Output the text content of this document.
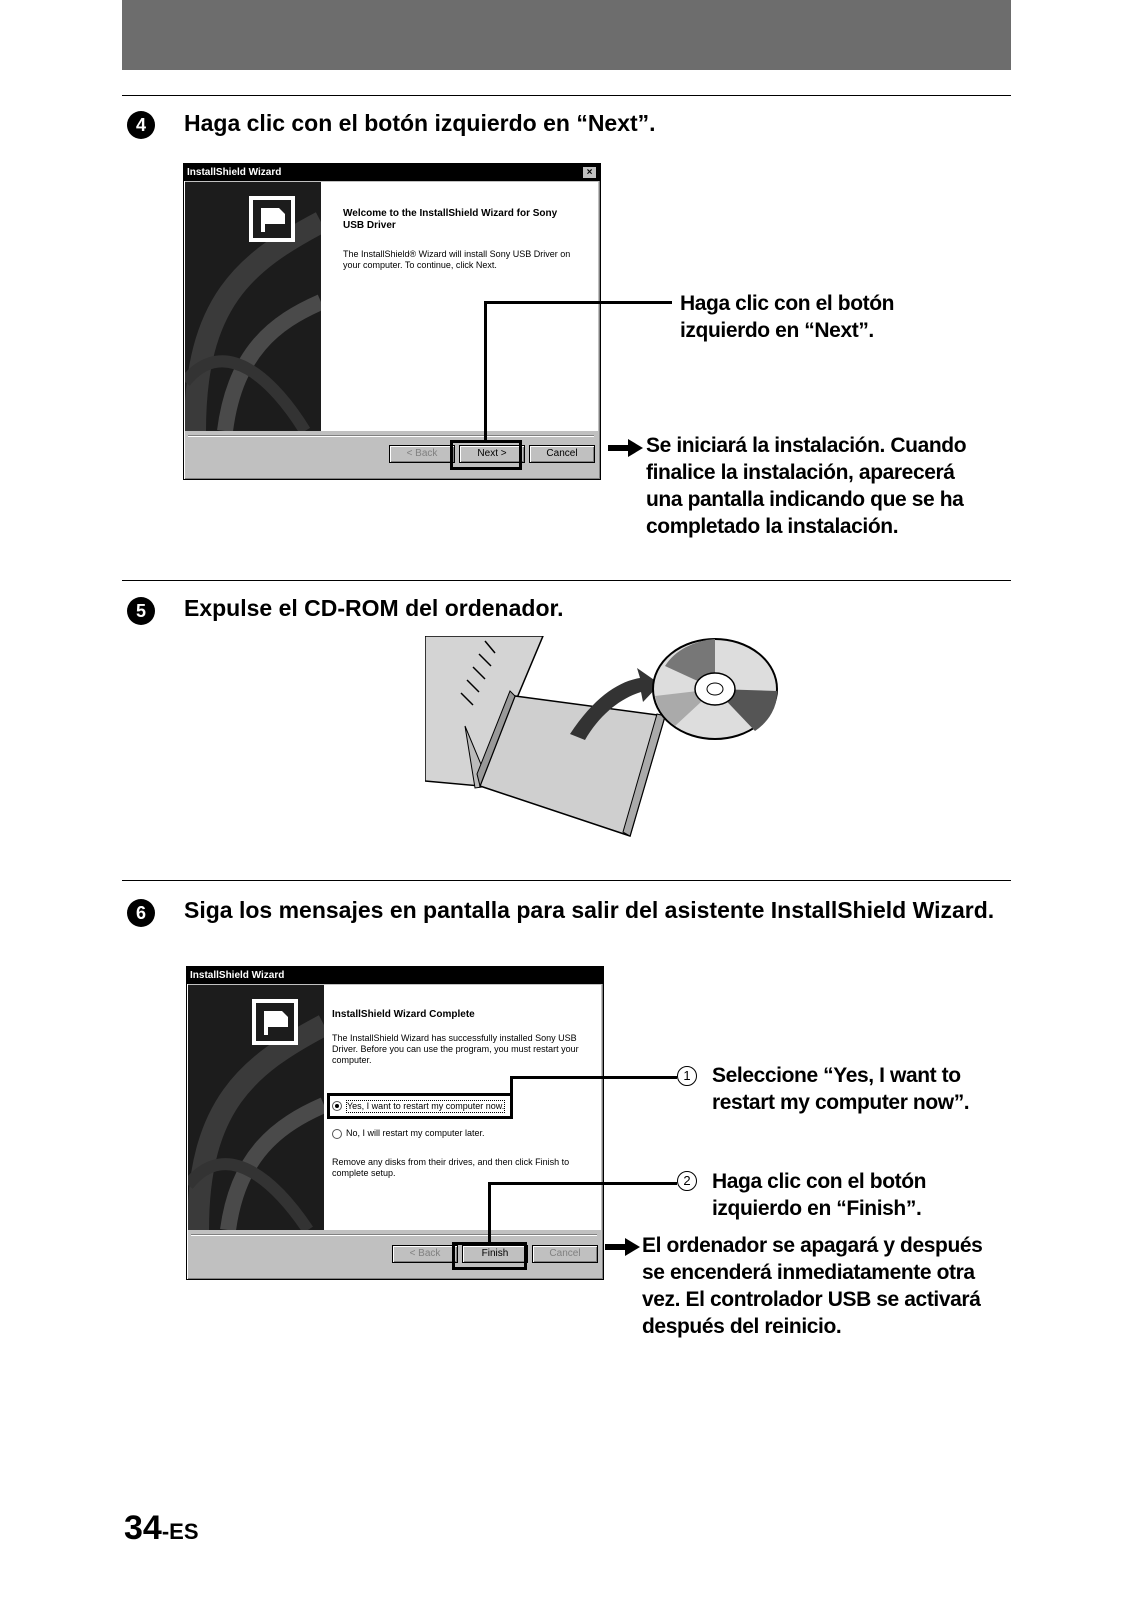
4	Haga clic con el botón izquierdo en “Next”.
InstallShield Wizard	×
Welcome to the InstallShield Wizard for Sony USB Driver
The InstallShield® Wizard will install Sony USB Driver on your computer. To continue, click Next.
< Back	Next >	Cancel
Haga clic con el botón izquierdo en “Next”.
Se iniciará la instalación. Cuando finalice la instalación, aparecerá una pantalla indicando que se ha completado la instalación.
5	Expulse el CD-ROM del ordenador.
6	Siga los mensajes en pantalla para salir del asistente InstallShield Wizard.
InstallShield Wizard
InstallShield Wizard Complete
The InstallShield Wizard has successfully installed Sony USB Driver. Before you can use the program, you must restart your computer.
Yes, I want to restart my computer now.
No, I will restart my computer later.
Remove any disks from their drives, and then click Finish to complete setup.
< Back	Finish	Cancel
1	Seleccione “Yes, I want to restart my computer now”.
2	Haga clic con el botón izquierdo en “Finish”.
El ordenador se apagará y después se encenderá inmediatamente otra vez. El controlador USB se activará después del reinicio.
34-ES
